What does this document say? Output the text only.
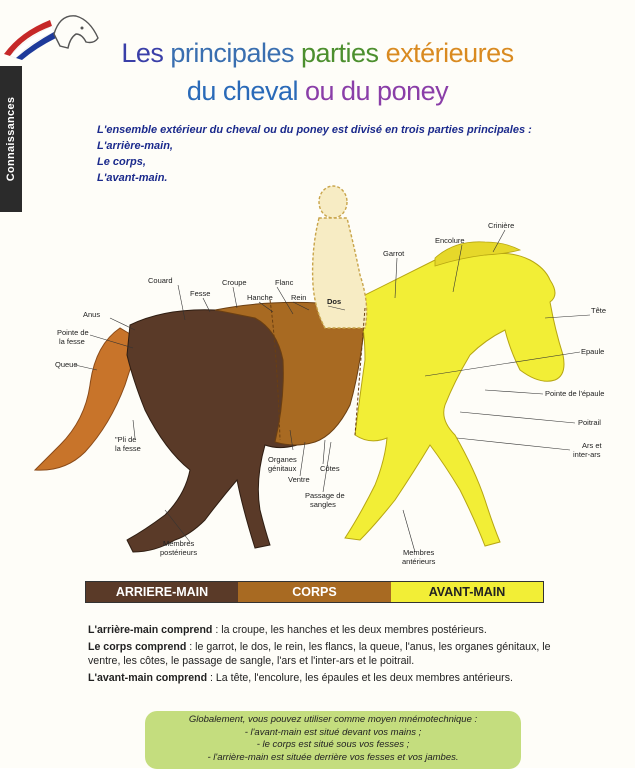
Connaissances
Les principales parties extérieures
du cheval ou du poney
L'ensemble extérieur du cheval ou du poney est divisé en trois parties principales :
L'arrière-main,
Le corps,
L'avant-main.
Crinière
Encolure
Garrot
Couard	Croupe	Flanc
Fesse	Hanche Rein	Dos
Anus
Pointe de
la fesse
Queue
Tête
Epaule
Pointe de l'épaule
Poitrail
Ars et
inter-ars
"Pli de
la fesse
Organes
génitaux	Côtes
Ventre
Passage de
sangles
Membres
postérieurs	Membres
antérieurs
ARRIERE-MAIN	CORPS	AVANT-MAIN
L'arrière-main comprend : la croupe, les hanches et les deux membres postérieurs.
Le corps comprend : le garrot, le dos, le rein, les flancs, la queue, l'anus, les organes génitaux, le ventre, les côtes, le passage de sangle, l'ars et l'inter-ars et le poitrail.
L'avant-main comprend : La tête, l'encolure, les épaules et les deux membres antérieurs.
Globalement, vous pouvez utiliser comme moyen mnémotechnique :
- l'avant-main est situé devant vos mains ;
- le corps est situé sous vos fesses ;
- l'arrière-main est située derrière vos fesses et vos jambes.
